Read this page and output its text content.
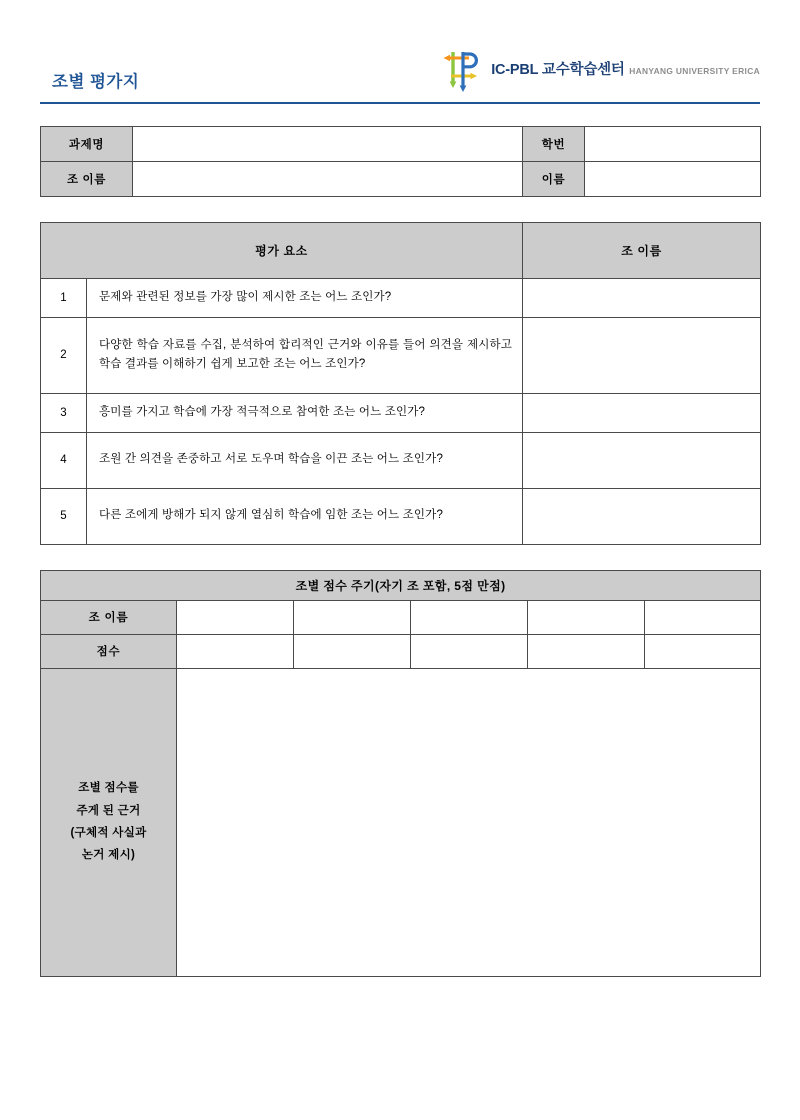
조별 평가지
IC-PBL 교수학습센터 HANYANG UNIVERSITY ERICA
과제명		학번	
조 이름		이름	
평가 요소		조 이름
1	문제와 관련된 정보를 가장 많이 제시한 조는 어느 조인가?	
2	다양한 학습 자료를 수집, 분석하여 합리적인 근거와 이유를 들어 의견을 제시하고 학습 결과를 이해하기 쉽게 보고한 조는 어느 조인가?	
3	흥미를 가지고 학습에 가장 적극적으로 참여한 조는 어느 조인가?	
4	조원 간 의견을 존중하고 서로 도우며 학습을 이끈 조는 어느 조인가?	
5	다른 조에게 방해가 되지 않게 열심히 학습에 임한 조는 어느 조인가?	
조별 점수 주기(자기 조 포함, 5점 만점)					
조 이름					
점수					

조별 점수를
주게 된 근거
(구체적 사실과
논거 제시)					
